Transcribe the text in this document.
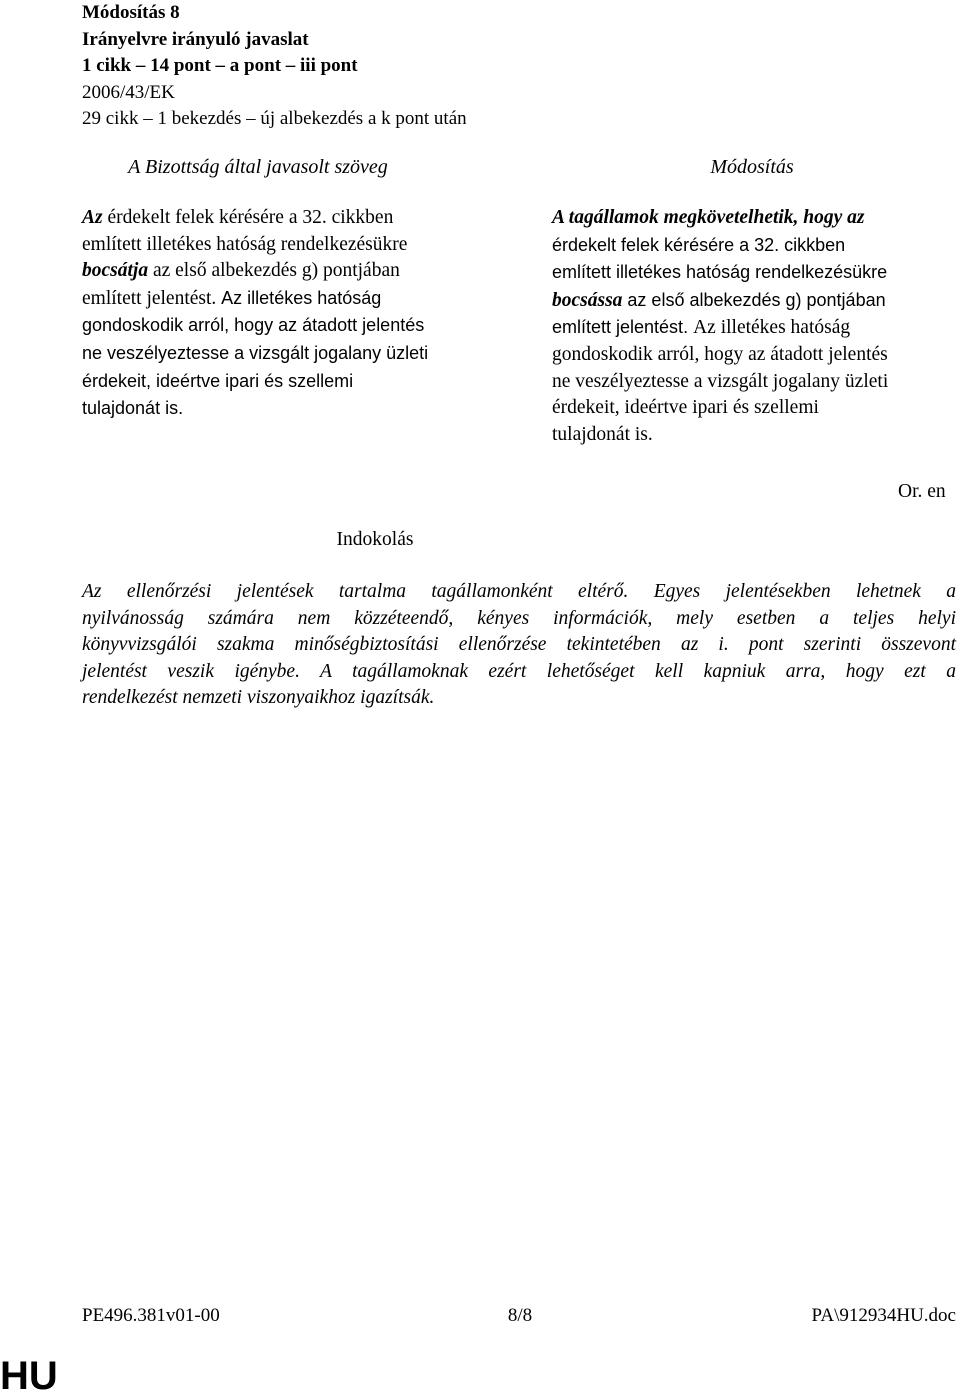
Módosítás 8
Irányelvre irányuló javaslat
1 cikk – 14 pont – a pont – iii pont
2006/43/EK
29 cikk – 1 bekezdés – új albekezdés a k pont után
A Bizottság által javasolt szöveg	Módosítás
Az érdekelt felek kérésére a 32. cikkben
említett illetékes hatóság rendelkezésükre
bocsátja az első albekezdés g) pontjában
említett jelentést. Az illetékes hatóság
gondoskodik arról, hogy az átadott jelentés
ne veszélyeztesse a vizsgált jogalany üzleti
érdekeit, ideértve ipari és szellemi
tulajdonát is.
A tagállamok megkövetelhetik, hogy az
érdekelt felek kérésére a 32. cikkben
említett illetékes hatóság rendelkezésükre
bocsássa az első albekezdés g) pontjában
említett jelentést. Az illetékes hatóság
gondoskodik arról, hogy az átadott jelentés
ne veszélyeztesse a vizsgált jogalany üzleti
érdekeit, ideértve ipari és szellemi
tulajdonát is.
Or. en
Indokolás
Az ellenőrzési jelentések tartalma tagállamonként eltérő. Egyes jelentésekben lehetnek a
nyilvánosság számára nem közzéteendő, kényes információk, mely esetben a teljes helyi
könyvvizsgálói szakma minőségbiztosítási ellenőrzése tekintetében az i. pont szerinti összevont
jelentést veszik igénybe. A tagállamoknak ezért lehetőséget kell kapniuk arra, hogy ezt a
rendelkezést nemzeti viszonyaikhoz igazítsák.
PE496.381v01-00	8/8	PA\912934HU.doc
HU
